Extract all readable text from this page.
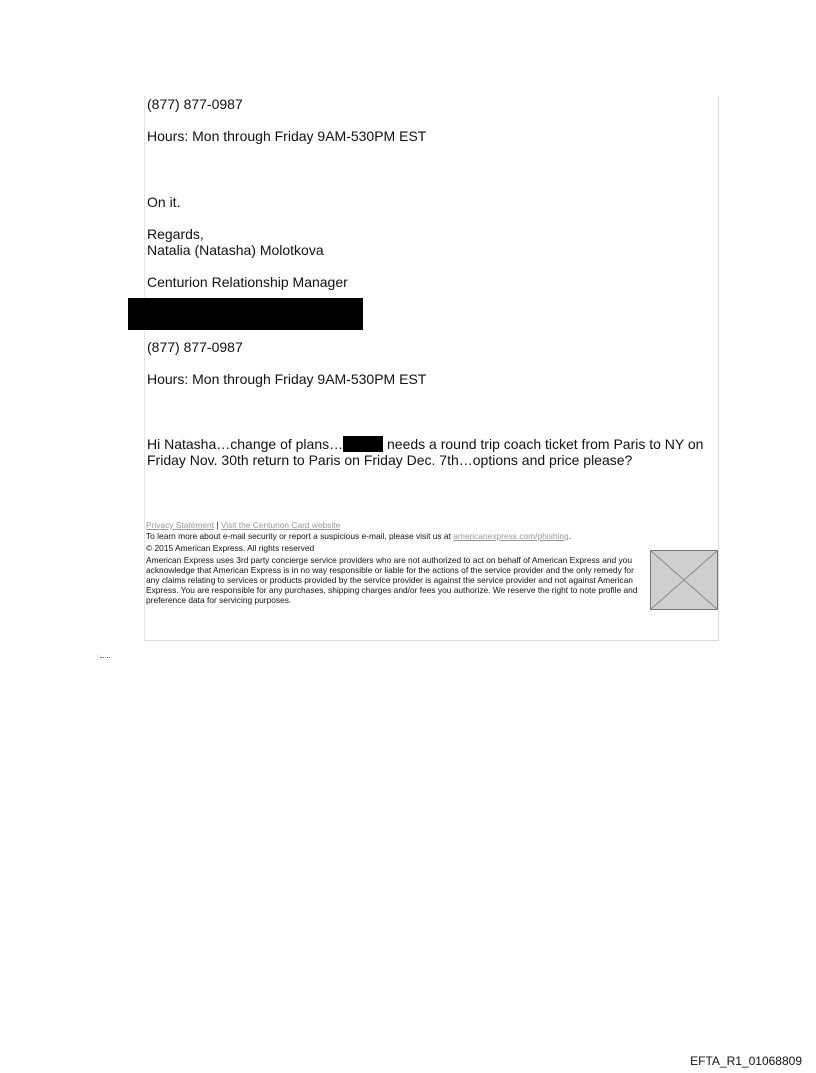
(877) 877-0987
Hours: Mon through Friday 9AM-530PM EST
On it.
Regards,
Natalia (Natasha) Molotkova
Centurion Relationship Manager
(877) 877-0987
Hours: Mon through Friday 9AM-530PM EST
Hi Natasha…change of plans…	needs a round trip coach ticket from Paris to NY on Friday Nov. 30th return to Paris on Friday Dec. 7th…options and price please?
Privacy Statement | Visit the Centurion Card website
To learn more about e-mail security or report a suspicious e-mail, please visit us at americanexpress.com/phishing.
© 2015 American Express. All rights reserved
American Express uses 3rd party concierge service providers who are not authorized to act on behalf of American Express and you acknowledge that American Express is in no way responsible or liable for the actions of the service provider and the only remedy for any claims relating to services or products provided by the service provider is against the service provider and not against American Express. You are responsible for any purchases, shipping charges and/or fees you authorize. We reserve the right to note profile and preference data for servicing purposes.
⋮
EFTA_R1_01068809
